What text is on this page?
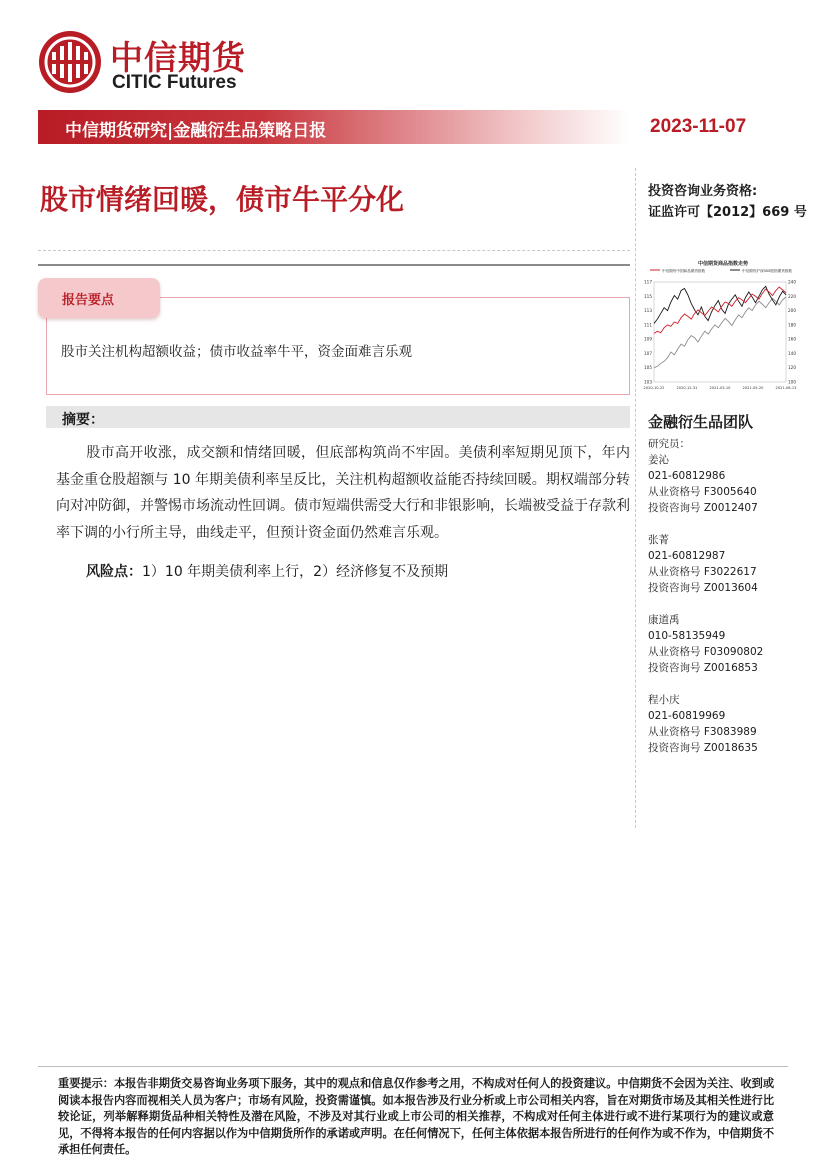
中信期货
CITIC Futures
中信期货研究|金融衍生品策略日报	2023-11-07
股市情绪回暖，债市牛平分化	投资咨询业务资格:
证监许可【2012】669 号
报告要点
股市关注机构超额收益；债市收益率牛平，资金面难言乐观
摘要：
股市高开收涨，成交额和情绪回暖，但底部构筑尚不牢固。美债利率短期见顶下，年内基金重仓股超额与 10 年期美债利率呈反比，关注机构超额收益能否持续回暖。期权端部分转向对冲防御，并警惕市场流动性回调。债市短端供需受大行和非银影响，长端被受益于存款利率下调的小行所主导，曲线走平，但预计资金面仍然难言乐观。
风险点：1）10 年期美债利率上行，2）经济修复不及预期
中信期货商品指数走势
中信期货中国商品期货指数	中信期货沪深300股指期货指数
103
105
107
109
111
113
115
117
100
120
140
160
180
200
220
240
2020-10-22	2020-12-31	2021-03-10	2021-05-20	2021-08-13
金融衍生品团队
研究员：
姜沁
021-60812986
从业资格号 F3005640
投资咨询号 Z0012407
张菁
021-60812987
从业资格号 F3022617
投资咨询号 Z0013604
康道禹
010-58135949
从业资格号 F03090802
投资咨询号 Z0016853
程小庆
021-60819969
从业资格号 F3083989
投资咨询号 Z0018635
重要提示：本报告非期货交易咨询业务项下服务，其中的观点和信息仅作参考之用，不构成对任何人的投资建议。中信期货不会因为关注、收到或阅读本报告内容而视相关人员为客户；市场有风险，投资需谨慎。如本报告涉及行业分析或上市公司相关内容，旨在对期货市场及其相关性进行比较论证，列举解释期货品种相关特性及潜在风险，不涉及对其行业或上市公司的相关推荐，不构成对任何主体进行或不进行某项行为的建议或意见，不得将本报告的任何内容据以作为中信期货所作的承诺或声明。在任何情况下，任何主体依据本报告所进行的任何作为或不作为，中信期货不承担任何责任。
